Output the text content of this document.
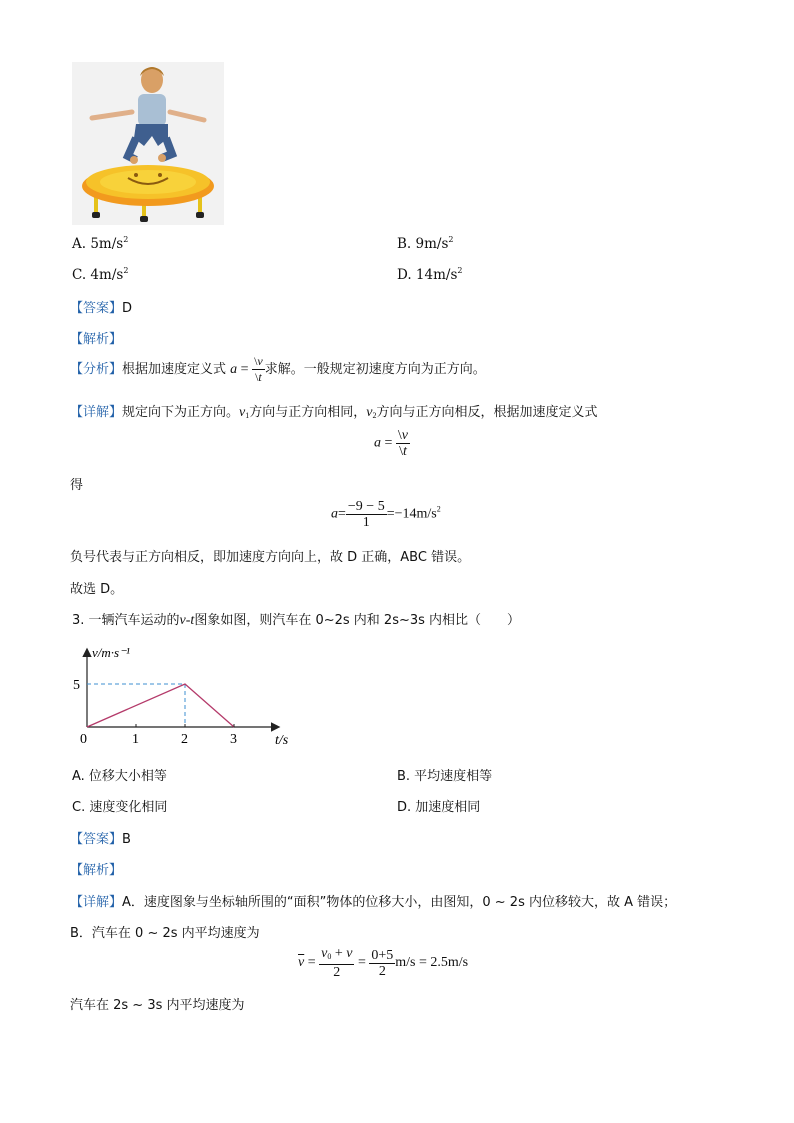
A. $5m/s^2$	B. $9m/s^2$
C. $4m/s^2$	D. $14m/s^2$
【答案】D
【解析】
【分析】根据加速度定义式 $a = \frac{\backslash v}{\backslash t}$ 求解。一般规定初速度方向为正方向。
【详解】规定向下为正方向。$v_1$方向与正方向相同，$v_2$方向与正方向相反，根据加速度定义式
$a = \frac{\backslash v}{\backslash t}$
得
$a= \frac{-9 - 5}{1} =-14m/s^2$
负号代表与正方向相反，即加速度方向向上，故 D 正确，ABC 错误。
故选 D。
3. 一辆汽车运动的v-t图象如图，则汽车在 0~2s 内和 2s~3s 内相比（　　）
v/m·s⁻¹
t/s
0	1	2	3
5
A. 位移大小相等	B. 平均速度相等
C. 速度变化相同	D. 加速度相同
【答案】B
【解析】
【详解】A．速度图象与坐标轴所围的“面积”物体的位移大小，由图知，0 ~ 2s 内位移较大，故 A 错误；
B．汽车在 0 ~ 2s 内平均速度为
$\overline{v} = \frac{v_0 + v}{2} = \frac{0+5}{2} m/s = 2.5m/s$
汽车在 2s ~ 3s 内平均速度为
